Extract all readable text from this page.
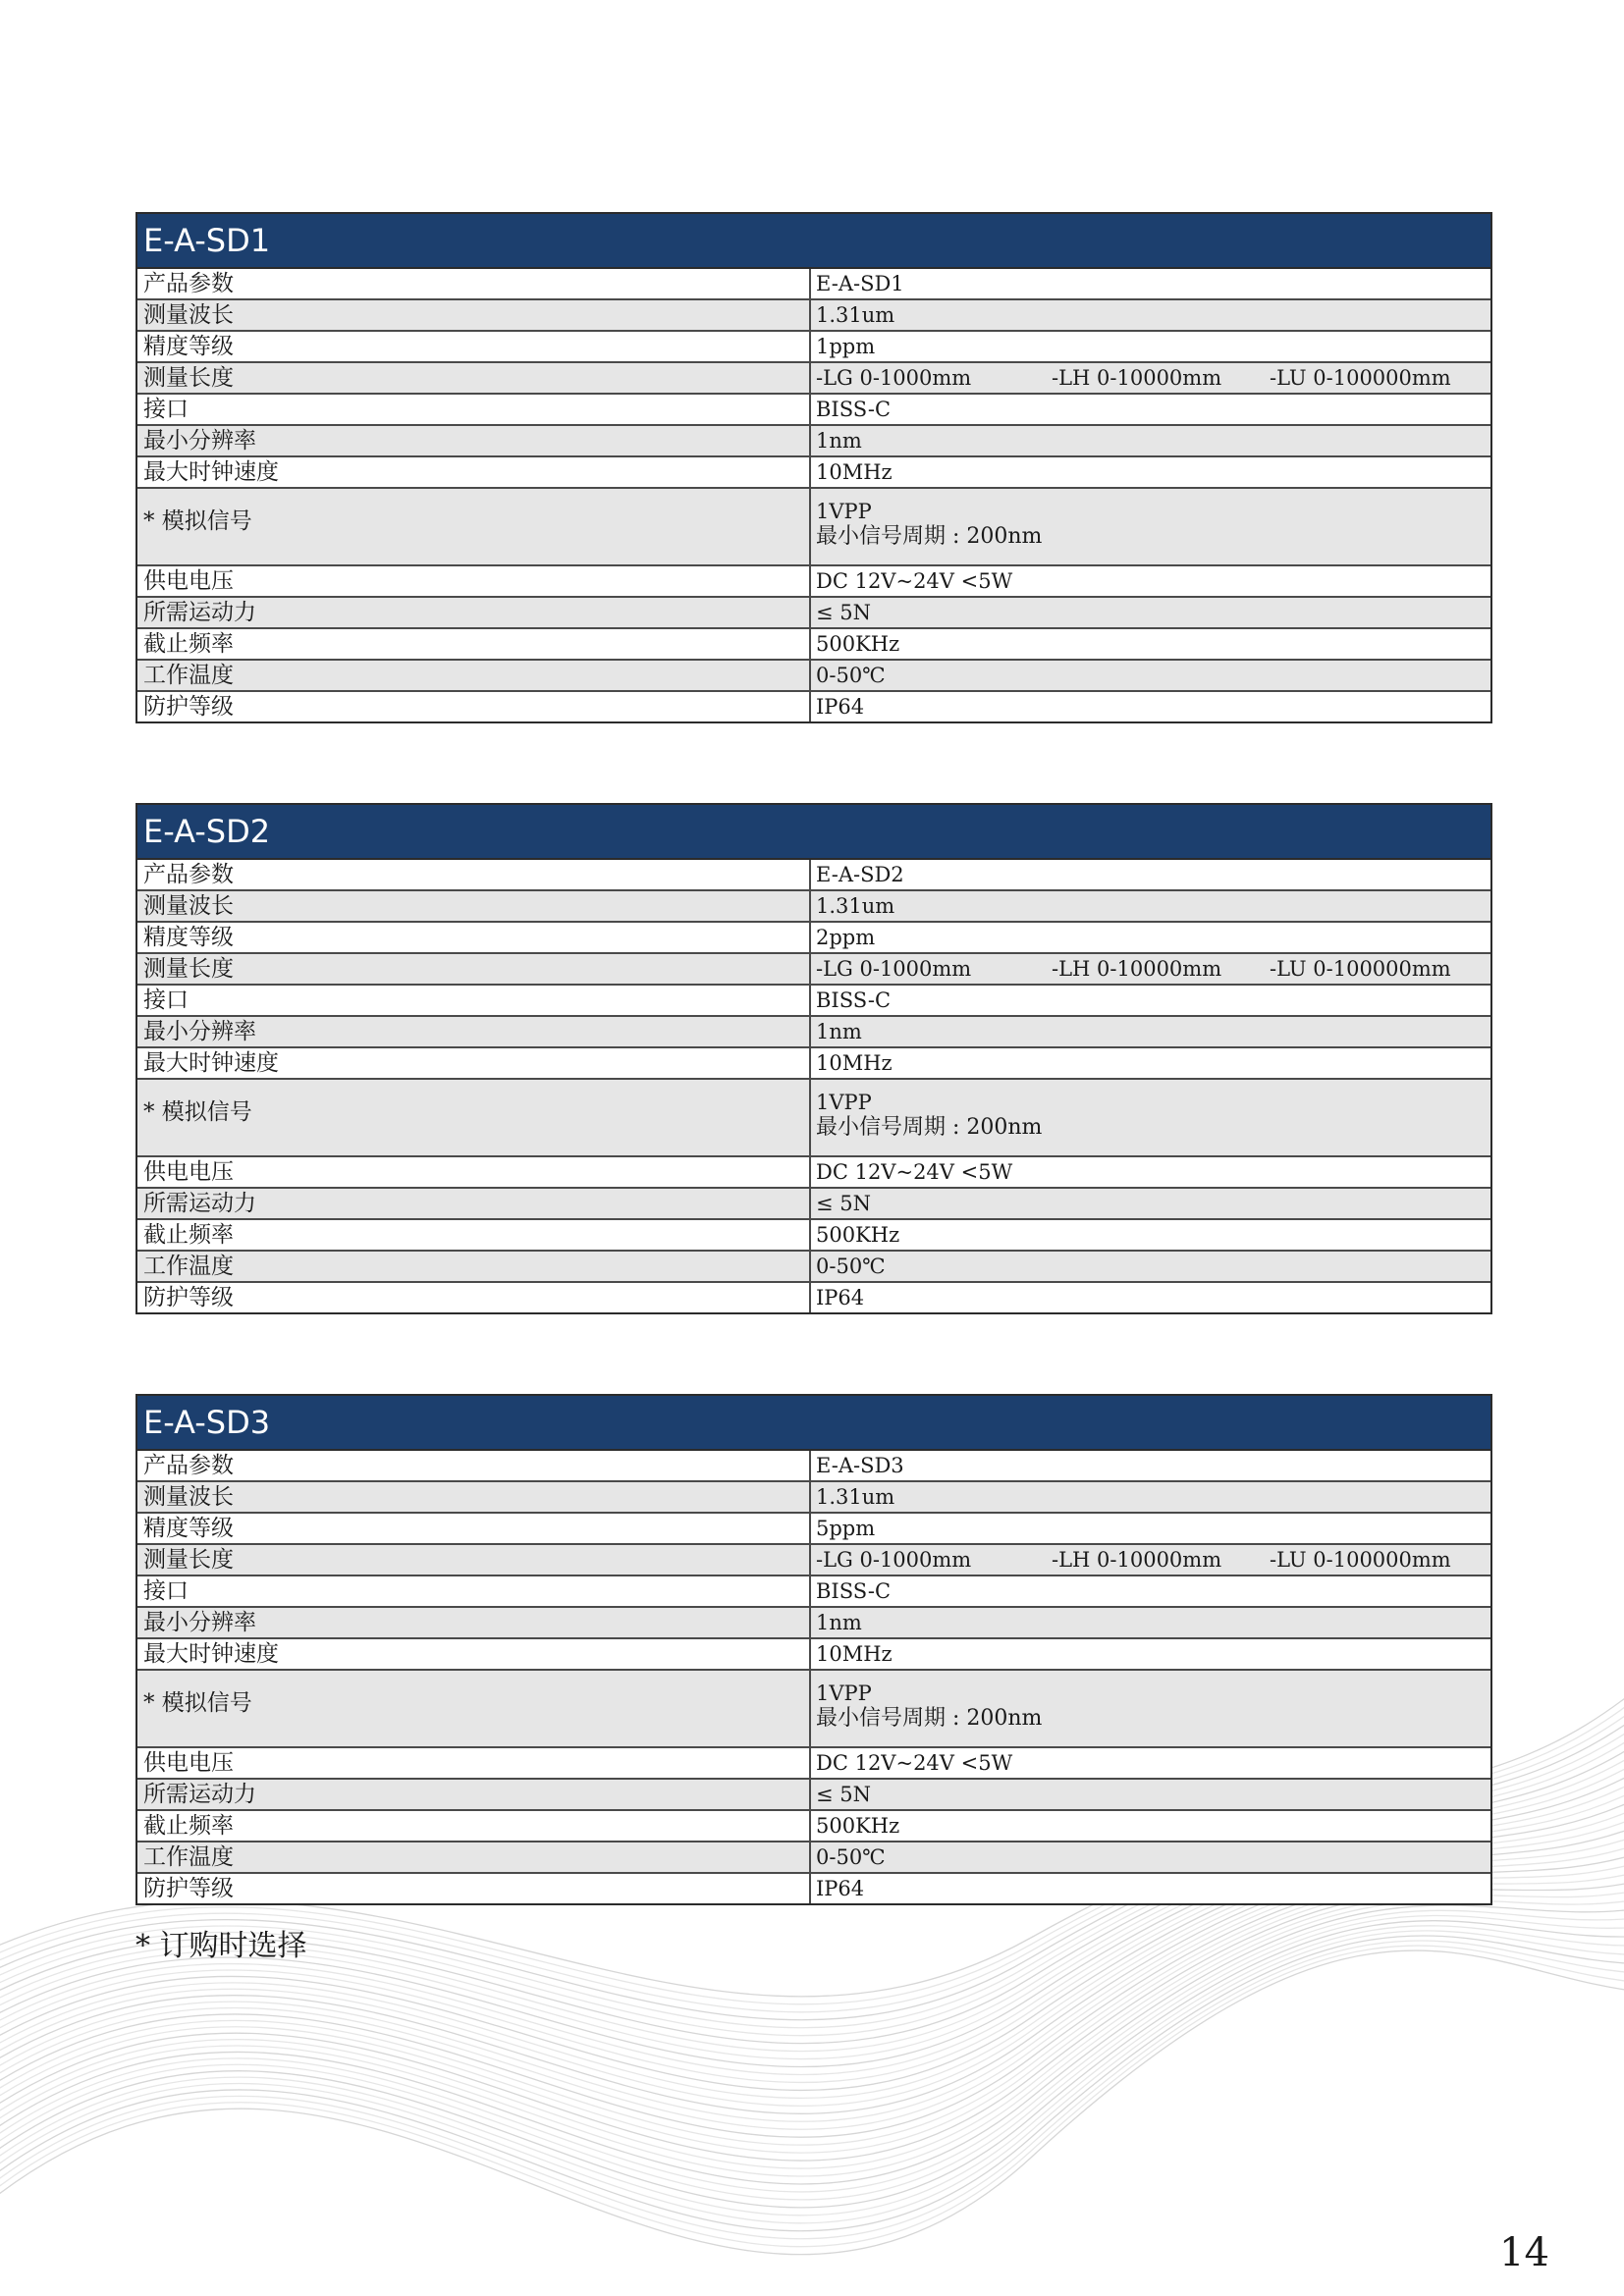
E-A-SD1
产品参数	E-A-SD1
测量波长	1.31um
精度等级	1ppm
测量长度	-LG 0-1000mm	-LH 0-10000mm -LU 0-100000mm
接口	BISS-C
最小分辨率	1nm
最大时钟速度	10MHz
* 模拟信号	1VPP
最小信号周期 : 200nm
供电电压	DC 12V~24V <5W
所需运动力	≤ 5N
截止频率	500KHz
工作温度	0-50℃
防护等级	IP64
E-A-SD2
产品参数	E-A-SD2
测量波长	1.31um
精度等级	2ppm
测量长度	-LG 0-1000mm	-LH 0-10000mm -LU 0-100000mm
接口	BISS-C
最小分辨率	1nm
最大时钟速度	10MHz
* 模拟信号	1VPP
最小信号周期 : 200nm
供电电压	DC 12V~24V <5W
所需运动力	≤ 5N
截止频率	500KHz
工作温度	0-50℃
防护等级	IP64
E-A-SD3
产品参数	E-A-SD3
测量波长	1.31um
精度等级	5ppm
测量长度	-LG 0-1000mm	-LH 0-10000mm -LU 0-100000mm
接口	BISS-C
最小分辨率	1nm
最大时钟速度	10MHz
* 模拟信号	1VPP
最小信号周期 : 200nm
供电电压	DC 12V~24V <5W
所需运动力	≤ 5N
截止频率	500KHz
工作温度	0-50℃
防护等级	IP64
* 订购时选择
14
